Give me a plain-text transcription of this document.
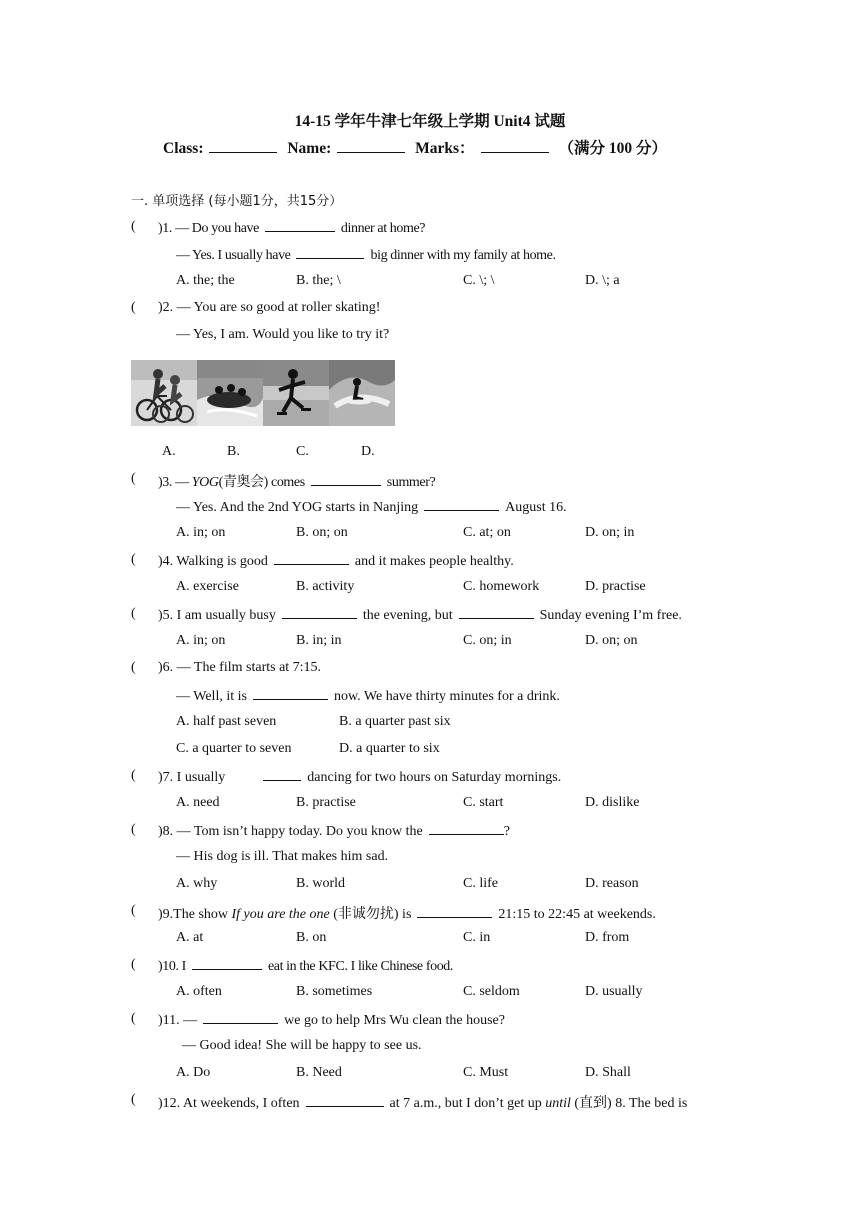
14-15 学年牛津七年级上学期 Unit4 试题
Class:	Name:	Marks：	（满分 100 分）
一. 单项选择 (每小题1分，共15分）
( )1. — Do you have	dinner at home?
— Yes. I usually have	big dinner with my family at home.
A. the; the	B. the; \	C. \; \	D. \; a
( )2. — You are so good at roller skating!
— Yes, I am. Would you like to try it?
A.	B.	C.	D.
( )3. — YOG(青奥会) comes	summer?
— Yes. And the 2nd YOG starts in Nanjing	August 16.
A. in; on	B. on; on	C. at; on	D. on; in
( )4. Walking is good	and it makes people healthy.
A. exercise	B. activity	C. homework	D. practise
( )5. I am usually busy	the evening, but	Sunday evening I’m free.
A. in; on	B. in; in	C. on; in	D. on; on
( )6. — The film starts at 7:15.
— Well, it is	now. We have thirty minutes for a drink.
A. half past seven	B. a quarter past six
C. a quarter to seven	D. a quarter to six
( )7. I usually	dancing for two hours on Saturday mornings.
A. need	B. practise	C. start	D. dislike
( )8. — Tom isn’t happy today. Do you know the	?
— His dog is ill. That makes him sad.
A. why	B. world	C. life	D. reason
( )9.The show If you are the one (非诚勿扰) is	21:15 to 22:45 at weekends.
A. at	B. on	C. in	D. from
( )10. I	eat in the KFC. I like Chinese food.
A. often	B. sometimes	C. seldom	D. usually
( )11. —	we go to help Mrs Wu clean the house?
— Good idea! She will be happy to see us.
A. Do	B. Need	C. Must	D. Shall
( )12. At weekends, I often	at 7 a.m., but I don’t get up until (直到) 8. The bed is
